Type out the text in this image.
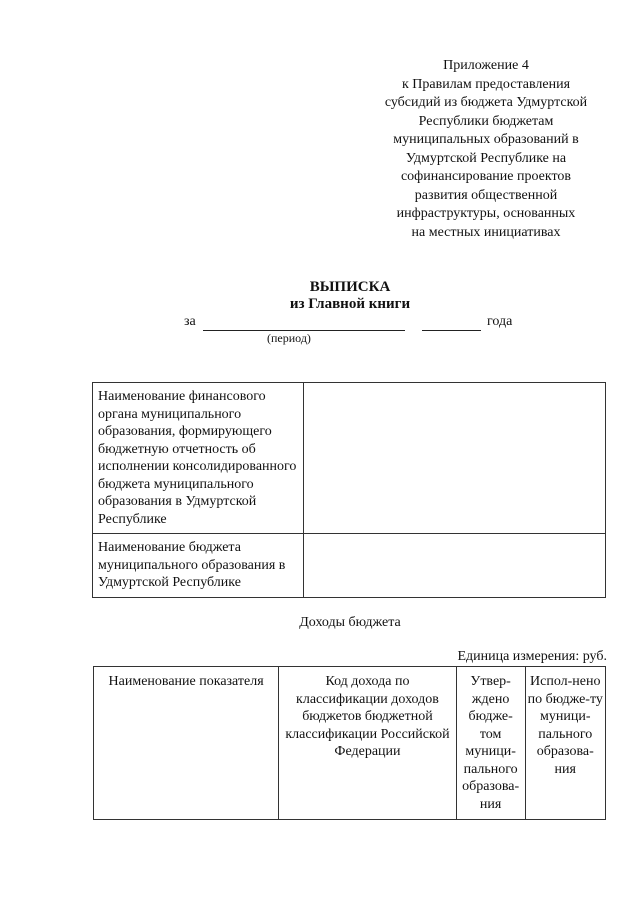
Приложение 4
к Правилам предоставления
субсидий из бюджета Удмуртской
Республики бюджетам
муниципальных образований в
Удмуртской Республике на
софинансирование проектов
развития общественной
инфраструктуры, основанных
на местных инициативах
ВЫПИСКА
из Главной книги
за	года
(период)
Наименование финансового органа муниципального образования, формирующего бюджетную отчетность об исполнении консолидированного бюджета муниципального образования в Удмуртской Республике	
Наименование бюджета муниципального образования в Удмуртской Республике	
Доходы бюджета
Единица измерения: руб.
Наименование показателя	Код дохода по классификации доходов бюджетов бюджетной классификации Российской Федерации	Утвер-ждено бюдже-том муници-пального образова-ния	Испол-нено по бюдже-ту муници-пального образова-ния
